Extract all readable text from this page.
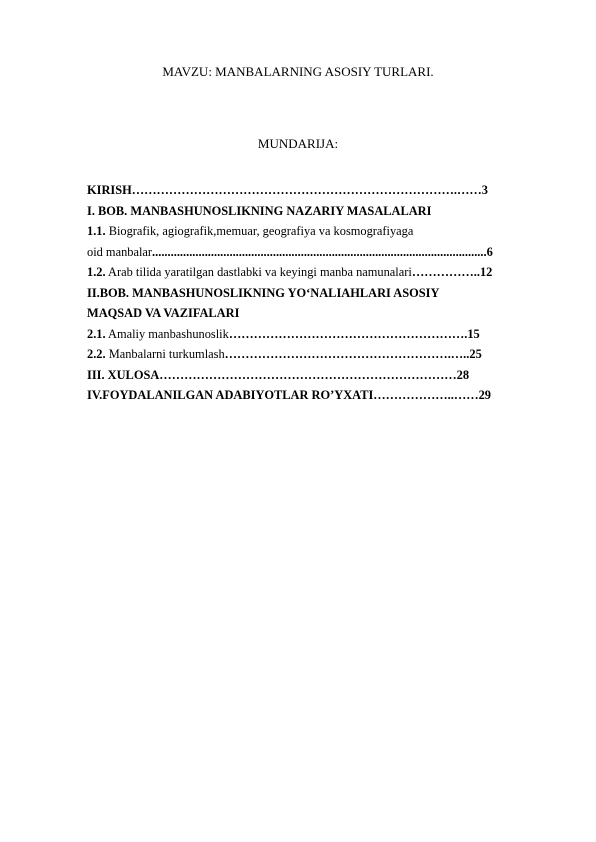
MAVZU: MANBALARNING ASOSIY TURLARI.
MUNDARIJA:
KIRISH…………………………………………………………………….……3
I. BOB. MANBASHUNOSLIKNING NAZARIY MASALALARI
1.1. Biografik, agiografik,memuar, geografiya va kosmografiyaga
oid manbalar............................................................................................................6
1.2. Arab tilida yaratilgan dastlabki va keyingi manba namunalari……………..12
II.BOB. MANBASHUNOSLIKNING YO‘NALIAHLARI ASOSIY
MAQSAD VA VAZIFALARI
2.1. Amaliy manbashunoslik………………………………………………….15
2.2. Manbalarni turkumlash……………………………………………….…..25
III. XULOSA………………………………………………………………28
IV.FOYDALANILGAN ADABIYOTLAR RO’YXATI………………..……29
